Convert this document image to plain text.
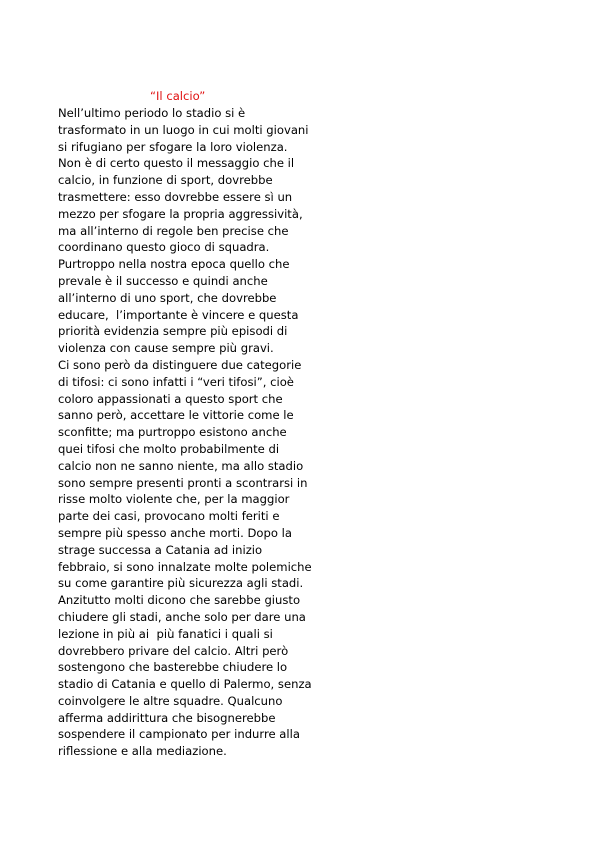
“Il calcio”

Nell’ultimo periodo lo stadio si è
trasformato in un luogo in cui molti giovani
si rifugiano per sfogare la loro violenza.
Non è di certo questo il messaggio che il
calcio, in funzione di sport, dovrebbe
trasmettere: esso dovrebbe essere sì un
mezzo per sfogare la propria aggressività,
ma all’interno di regole ben precise che
coordinano questo gioco di squadra.
Purtroppo nella nostra epoca quello che
prevale è il successo e quindi anche
all’interno di uno sport, che dovrebbe
educare,  l’importante è vincere e questa
priorità evidenzia sempre più episodi di
violenza con cause sempre più gravi.
Ci sono però da distinguere due categorie
di tifosi: ci sono infatti i “veri tifosi”, cioè
coloro appassionati a questo sport che
sanno però, accettare le vittorie come le
sconfitte; ma purtroppo esistono anche
quei tifosi che molto probabilmente di
calcio non ne sanno niente, ma allo stadio
sono sempre presenti pronti a scontrarsi in
risse molto violente che, per la maggior
parte dei casi, provocano molti feriti e
sempre più spesso anche morti. Dopo la
strage successa a Catania ad inizio
febbraio, si sono innalzate molte polemiche
su come garantire più sicurezza agli stadi.
Anzitutto molti dicono che sarebbe giusto
chiudere gli stadi, anche solo per dare una
lezione in più ai  più fanatici i quali si
dovrebbero privare del calcio. Altri però
sostengono che basterebbe chiudere lo
stadio di Catania e quello di Palermo, senza
coinvolgere le altre squadre. Qualcuno
afferma addirittura che bisognerebbe
sospendere il campionato per indurre alla
riflessione e alla mediazione.
